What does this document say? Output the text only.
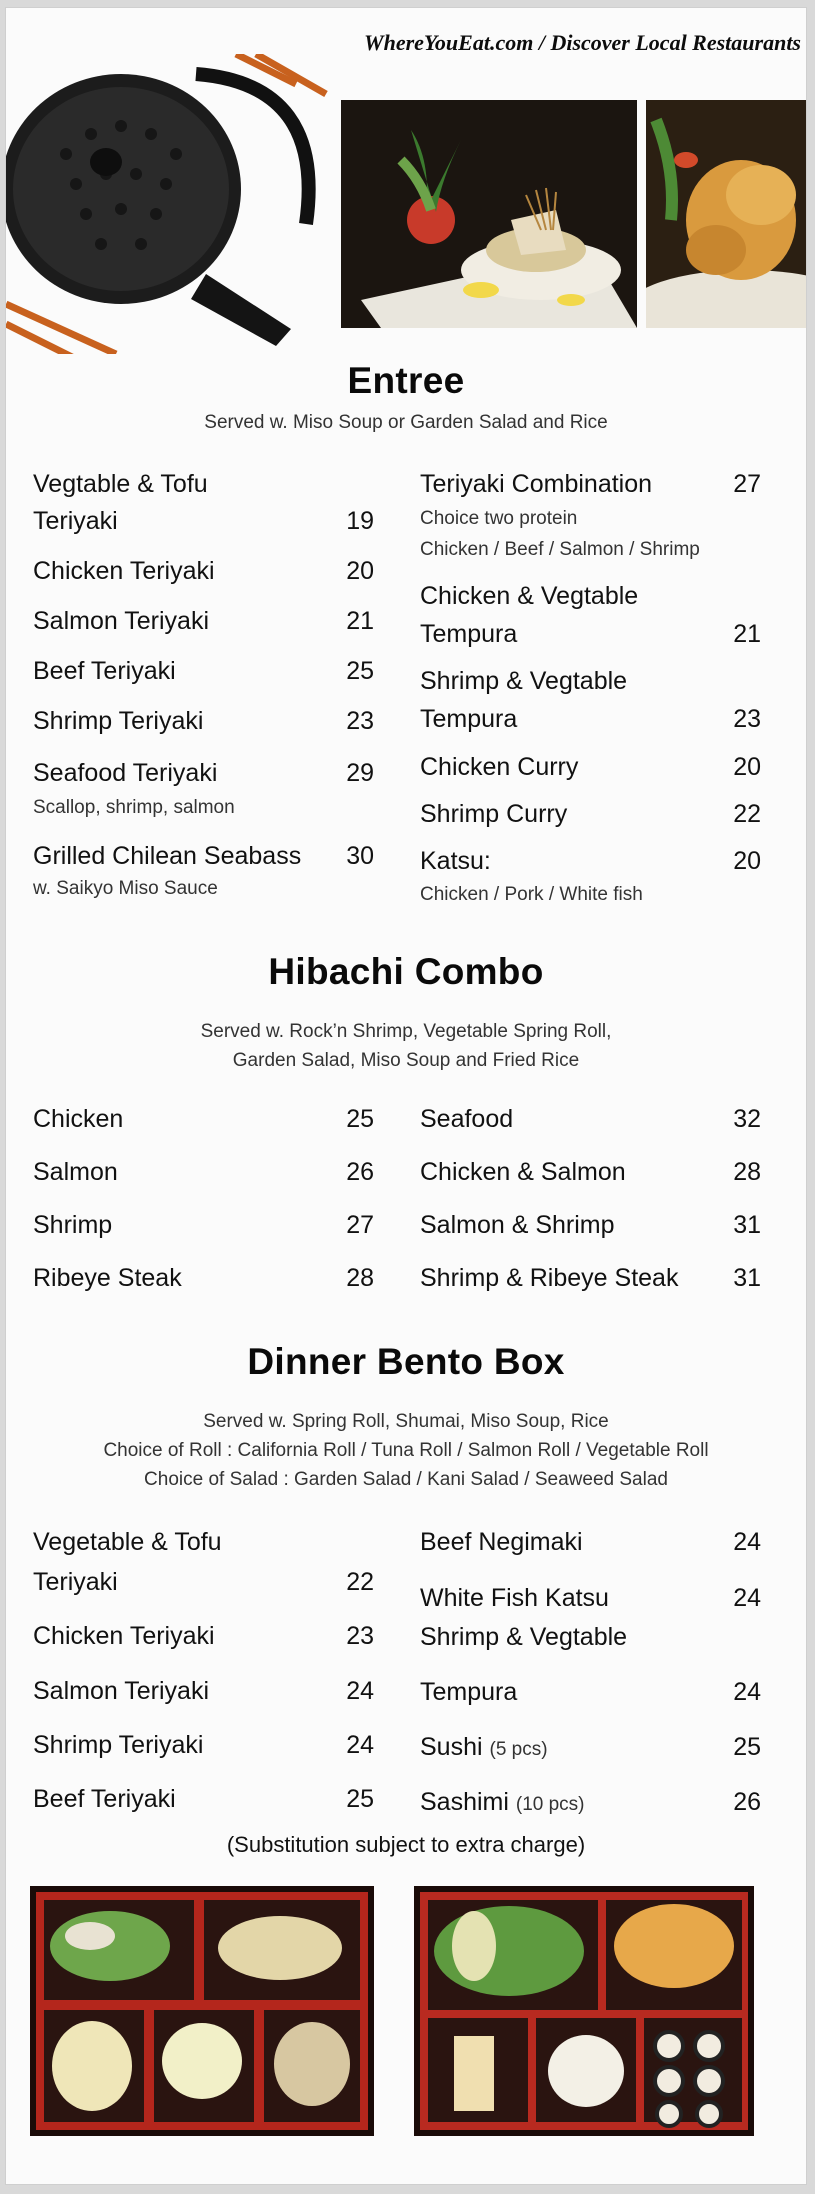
WhereYouEat.com / Discover Local Restaurants
Entree
Served w. Miso Soup or Garden Salad and Rice
Vegtable & Tofu
Teriyaki	19
Chicken Teriyaki	20
Salmon Teriyaki	21
Beef Teriyaki	25
Shrimp Teriyaki	23
Seafood Teriyaki	29
Scallop, shrimp, salmon
Grilled Chilean Seabass	30
w. Saikyo Miso Sauce
Teriyaki Combination	27
Choice two protein
Chicken / Beef / Salmon / Shrimp
Chicken & Vegtable
Tempura	21
Shrimp & Vegtable
Tempura	23
Chicken Curry	20
Shrimp Curry	22
Katsu:	20
Chicken / Pork / White fish
Hibachi Combo
Served w. Rock’n Shrimp, Vegetable Spring Roll,
Garden Salad, Miso Soup and Fried Rice
Chicken	25
Salmon	26
Shrimp	27
Ribeye Steak	28
Seafood	32
Chicken & Salmon	28
Salmon & Shrimp	31
Shrimp & Ribeye Steak	31
Dinner Bento Box
Served w. Spring Roll, Shumai, Miso Soup, Rice
Choice of Roll : California Roll / Tuna Roll / Salmon Roll / Vegetable Roll
Choice of Salad : Garden Salad / Kani Salad / Seaweed Salad
Vegetable & Tofu
Teriyaki	22
Chicken Teriyaki	23
Salmon Teriyaki	24
Shrimp Teriyaki	24
Beef Teriyaki	25
Beef Negimaki	24
White Fish Katsu	24
Shrimp & Vegtable
Tempura	24
Sushi (5 pcs)	25
Sashimi (10 pcs)	26
(Substitution subject to extra charge)
